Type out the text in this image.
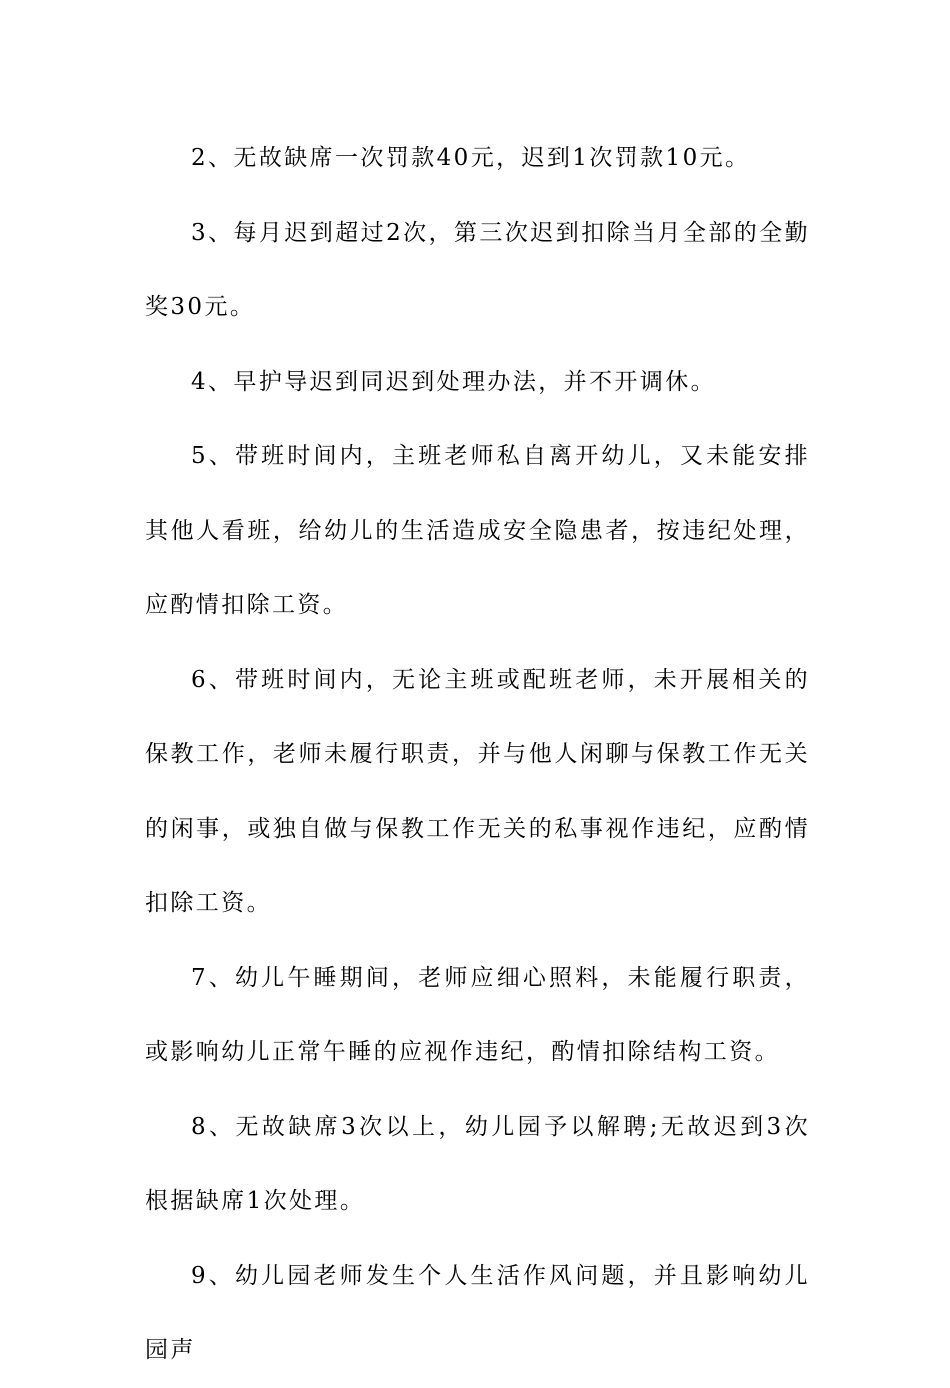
2、无故缺席一次罚款40元，迟到1次罚款10元。

3、每月迟到超过2次，第三次迟到扣除当月全部的全勤奖30元。

4、早护导迟到同迟到处理办法，并不开调休。

5、带班时间内，主班老师私自离开幼儿，又未能安排其他人看班，给幼儿的生活造成安全隐患者，按违纪处理，应酌情扣除工资。

6、带班时间内，无论主班或配班老师，未开展相关的保教工作，老师未履行职责，并与他人闲聊与保教工作无关的闲事，或独自做与保教工作无关的私事视作违纪，应酌情扣除工资。

7、幼儿午睡期间，老师应细心照料，未能履行职责，或影响幼儿正常午睡的应视作违纪，酌情扣除结构工资。

8、无故缺席3次以上，幼儿园予以解聘;无故迟到3次根据缺席1次处理。

9、幼儿园老师发生个人生活作风问题，并且影响幼儿园声
